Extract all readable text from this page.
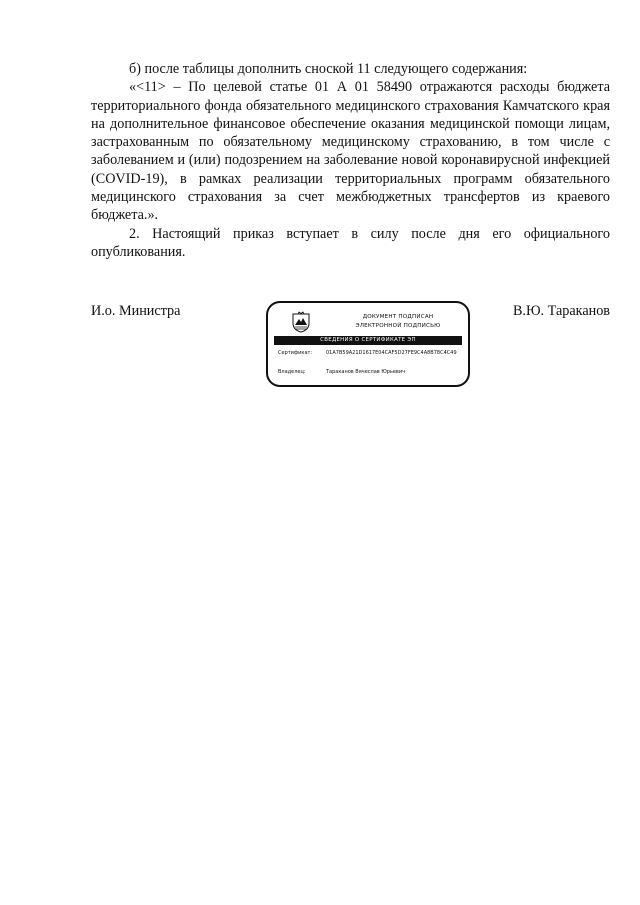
б) после таблицы дополнить сноской 11 следующего содержания:

«<11> – По целевой статье 01 А 01 58490 отражаются расходы бюджета территориального фонда обязательного медицинского страхования Камчатского края на дополнительное финансовое обеспечение оказания медицинской помощи лицам, застрахованным по обязательному медицинскому страхованию, в том числе с заболеванием и (или) подозрением на заболевание новой коронавирусной инфекцией (COVID-19), в рамках реализации территориальных программ обязательного медицинского страхования за счет межбюджетных трансфертов из краевого бюджета.».

2. Настоящий приказ вступает в силу после дня его официального опубликования.

И.о. Министра	ДОКУМЕНТ ПОДПИСАН
ЭЛЕКТРОННОЙ ПОДПИСЬЮ
СВЕДЕНИЯ О СЕРТИФИКАТЕ ЭП
Сертификат:	01A7B59A21D1617E04CAF5D27FE9C4A8B78C4C49
Владелец:	Тараканов Вячеслав Юрьевич
В.Ю. Тараканов
